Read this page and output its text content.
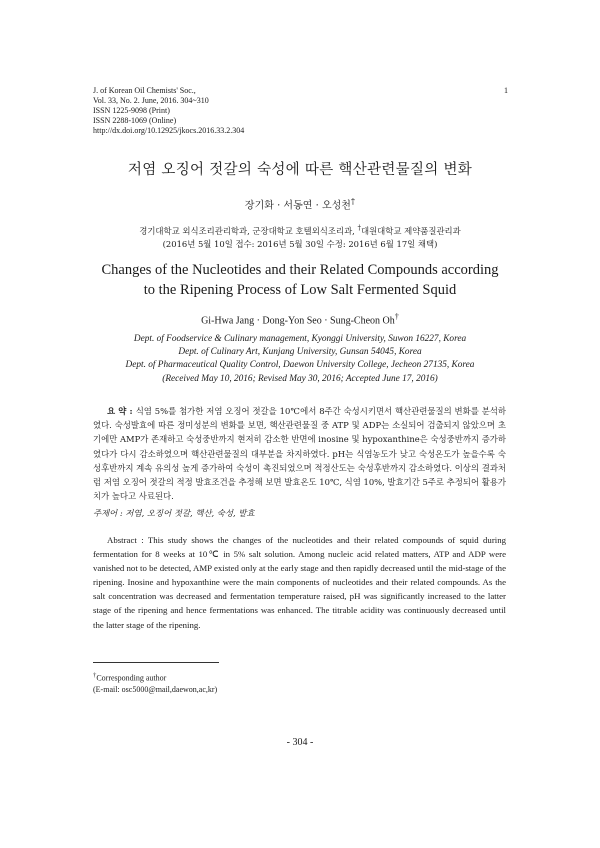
J. of Korean Oil Chemists' Soc.,
Vol. 33, No. 2. June, 2016. 304~310
ISSN 1225-9098 (Print)
ISSN 2288-1069 (Online)
http://dx.doi.org/10.12925/jkocs.2016.33.2.304
1
저염 오징어 젓갈의 숙성에 따른 핵산관련물질의 변화
장기화 · 서동연 · 오성천†
경기대학교 외식조리관리학과, 군장대학교 호텔외식조리과, †대원대학교 제약품질관리과
(2016년 5월 10일 접수: 2016년 5월 30일 수정: 2016년 6월 17일 채택)
Changes of the Nucleotides and their Related Compounds according
to the Ripening Process of Low Salt Fermented Squid
Gi-Hwa Jang · Dong-Yon Seo · Sung-Cheon Oh†
Dept. of Foodservice & Culinary management, Kyonggi University, Suwon 16227, Korea
Dept. of Culinary Art, Kunjang University, Gunsan 54045, Korea
Dept. of Pharmaceutical Quality Control, Daewon University College, Jecheon 27135, Korea
(Received May 10, 2016; Revised May 30, 2016; Accepted June 17, 2016)
요 약 : 식염 5%를 첨가한 저염 오징어 젓갈을 10℃에서 8주간 숙성시키면서 핵산관련물질의 변화를 분석하였다. 숙성발효에 따른 정미성분의 변화를 보면, 핵산관련물질 중 ATP 및 ADP는 소실되어 검출되지 않았으며 초기에만 AMP가 존재하고 숙성중반까지 현저히 감소한 반면에 inosine 및 hypoxanthine은 숙성중반까지 증가하였다가 다시 감소하였으며 핵산관련물질의 대부분을 차지하였다. pH는 식염농도가 낮고 숙성온도가 높을수록 숙성후반까지 계속 유의성 높게 증가하여 숙성이 촉진되었으며 적정산도는 숙성후반까지 감소하였다. 이상의 결과처럼 저염 오징어 젓갈의 적정 발효조건을 추정해 보면 발효온도 10℃, 식염 10%, 발효기간 5주로 추정되어 활용가치가 높다고 사료된다.
주제어 : 저염, 오징어 젓갈, 핵산, 숙성, 발효
Abstract : This study shows the changes of the nucleotides and their related compounds of squid during fermentation for 8 weeks at 10℃ in 5% salt solution. Among nucleic acid related matters, ATP and ADP were vanished not to be detected, AMP existed only at the early stage and then rapidly decreased until the mid-stage of the ripening. Inosine and hypoxanthine were the main components of nucleotides and their related compounds. As the salt concentration was decreased and fermentation temperature raised, pH was significantly increased to the latter stage of the ripening and hence fermentations was enhanced. The titrable acidity was continuously decreased until the latter stage of the ripening.
†Corresponding author
(E-mail: osc5000@mail,daewon,ac,kr)
- 304 -
